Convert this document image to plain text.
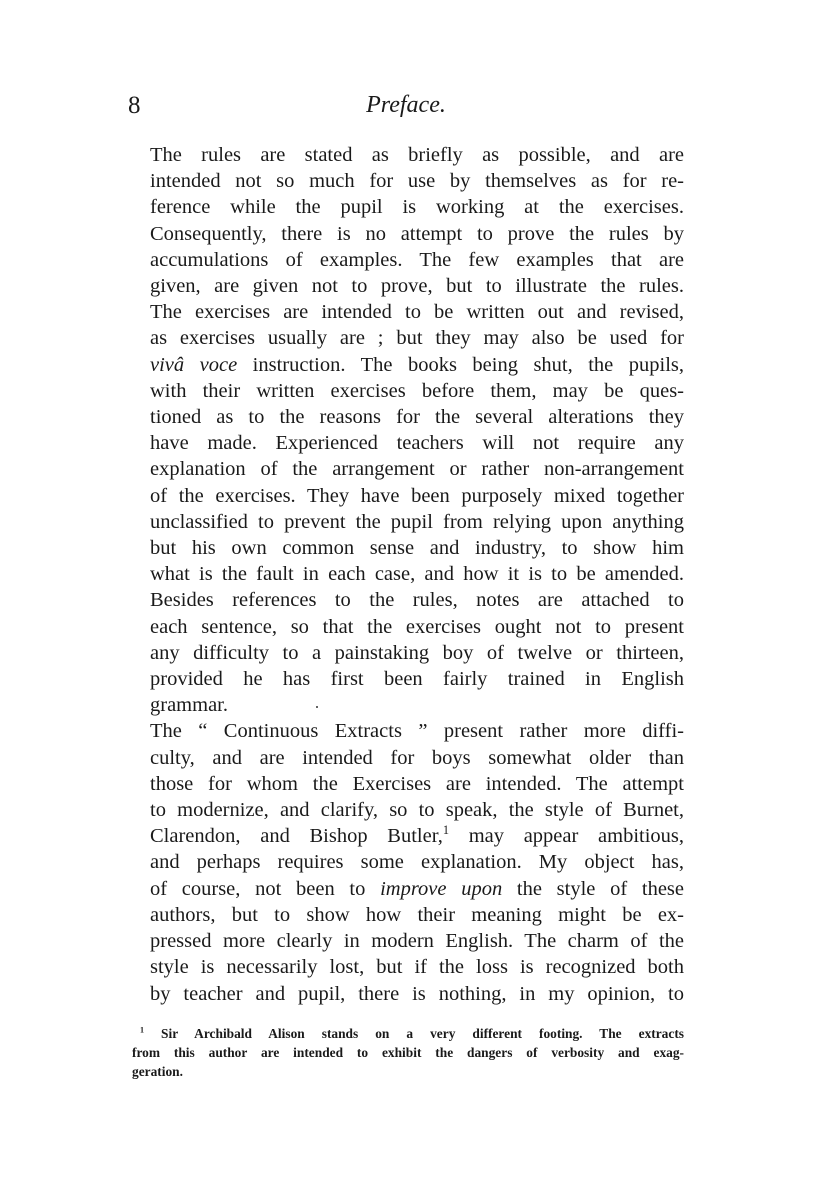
8	Preface.

The rules are stated as briefly as possible, and are
intended not so much for use by themselves as for re-
ference while the pupil is working at the exercises.
Consequently, there is no attempt to prove the rules by
accumulations of examples. The few examples that are
given, are given not to prove, but to illustrate the rules.
The exercises are intended to be written out and revised,
as exercises usually are ; but they may also be used for
vivâ voce instruction. The books being shut, the pupils,
with their written exercises before them, may be ques-
tioned as to the reasons for the several alterations they
have made. Experienced teachers will not require any
explanation of the arrangement or rather non-arrangement
of the exercises. They have been purposely mixed together
unclassified to prevent the pupil from relying upon anything
but his own common sense and industry, to show him
what is the fault in each case, and how it is to be amended.
Besides references to the rules, notes are attached to
each sentence, so that the exercises ought not to present
any difficulty to a painstaking boy of twelve or thirteen,
provided he has first been fairly trained in English
grammar.

The “ Continuous Extracts ” present rather more diffi-
culty, and are intended for boys somewhat older than
those for whom the Exercises are intended. The attempt
to modernize, and clarify, so to speak, the style of Burnet,
Clarendon, and Bishop Butler,$^1$ may appear ambitious,
and perhaps requires some explanation. My object has,
of course, not been to improve upon the style of these
authors, but to show how their meaning might be ex-
pressed more clearly in modern English. The charm of the
style is necessarily lost, but if the loss is recognized both
by teacher and pupil, there is nothing, in my opinion, to

$^1$ Sir Archibald Alison stands on a very different footing. The extracts
from this author are intended to exhibit the dangers of verbosity and exag-
geration.
